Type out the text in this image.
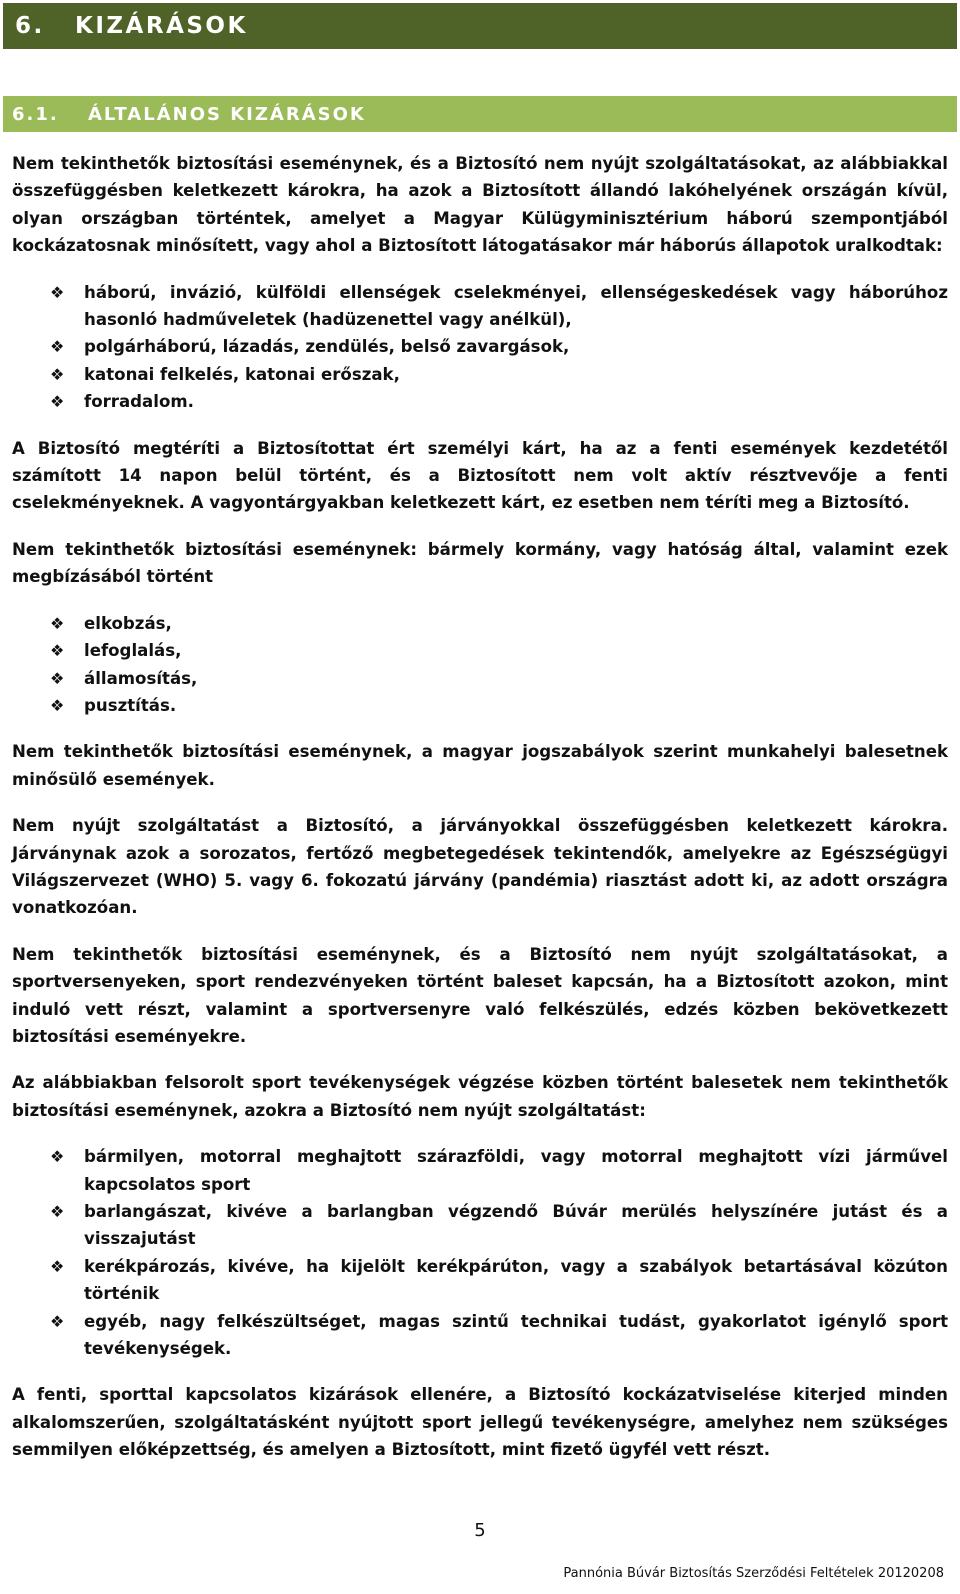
6.	KIZÁRÁSOK
6.1.	ÁLTALÁNOS KIZÁRÁSOK

Nem tekinthetők biztosítási eseménynek, és a Biztosító nem nyújt szolgáltatásokat, az alábbiakkal összefüggésben keletkezett károkra, ha azok a Biztosított állandó lakóhelyének országán kívül, olyan országban történtek, amelyet a Magyar Külügyminisztérium háború szempontjából kockázatosnak minősített, vagy ahol a Biztosított látogatásakor már háborús állapotok uralkodtak:

❖ háború, invázió, külföldi ellenségek cselekményei, ellenségeskedések vagy háborúhoz hasonló hadműveletek (hadüzenettel vagy anélkül),
❖ polgárháború, lázadás, zendülés, belső zavargások,
❖ katonai felkelés, katonai erőszak,
❖ forradalom.

A Biztosító megtéríti a Biztosítottat ért személyi kárt, ha az a fenti események kezdetétől számított 14 napon belül történt, és a Biztosított nem volt aktív résztvevője a fenti cselekményeknek. A vagyontárgyakban keletkezett kárt, ez esetben nem téríti meg a Biztosító.

Nem tekinthetők biztosítási eseménynek: bármely kormány, vagy hatóság által, valamint ezek megbízásából történt

❖ elkobzás,
❖ lefoglalás,
❖ államosítás,
❖ pusztítás.

Nem tekinthetők biztosítási eseménynek, a magyar jogszabályok szerint munkahelyi balesetnek minősülő események.

Nem nyújt szolgáltatást a Biztosító, a járványokkal összefüggésben keletkezett károkra. Járványnak azok a sorozatos, fertőző megbetegedések tekintendők, amelyekre az Egészségügyi Világszervezet (WHO) 5. vagy 6. fokozatú járvány (pandémia) riasztást adott ki, az adott országra vonatkozóan.

Nem tekinthetők biztosítási eseménynek, és a Biztosító nem nyújt szolgáltatásokat, a sportversenyeken, sport rendezvényeken történt baleset kapcsán, ha a Biztosított azokon, mint induló vett részt, valamint a sportversenyre való felkészülés, edzés közben bekövetkezett biztosítási eseményekre.

Az alábbiakban felsorolt sport tevékenységek végzése közben történt balesetek nem tekinthetők biztosítási eseménynek, azokra a Biztosító nem nyújt szolgáltatást:

❖ bármilyen, motorral meghajtott szárazföldi, vagy motorral meghajtott vízi járművel kapcsolatos sport
❖ barlangászat, kivéve a barlangban végzendő Búvár merülés helyszínére jutást és a visszajutást
❖ kerékpározás, kivéve, ha kijelölt kerékpárúton, vagy a szabályok betartásával közúton történik
❖ egyéb, nagy felkészültséget, magas szintű technikai tudást, gyakorlatot igénylő sport tevékenységek.

A fenti, sporttal kapcsolatos kizárások ellenére, a Biztosító kockázatviselése kiterjed minden alkalomszerűen, szolgáltatásként nyújtott sport jellegű tevékenységre, amelyhez nem szükséges semmilyen előképzettség, és amelyen a Biztosított, mint fizető ügyfél vett részt.

5
Pannónia Búvár Biztosítás Szerződési Feltételek 20120208
